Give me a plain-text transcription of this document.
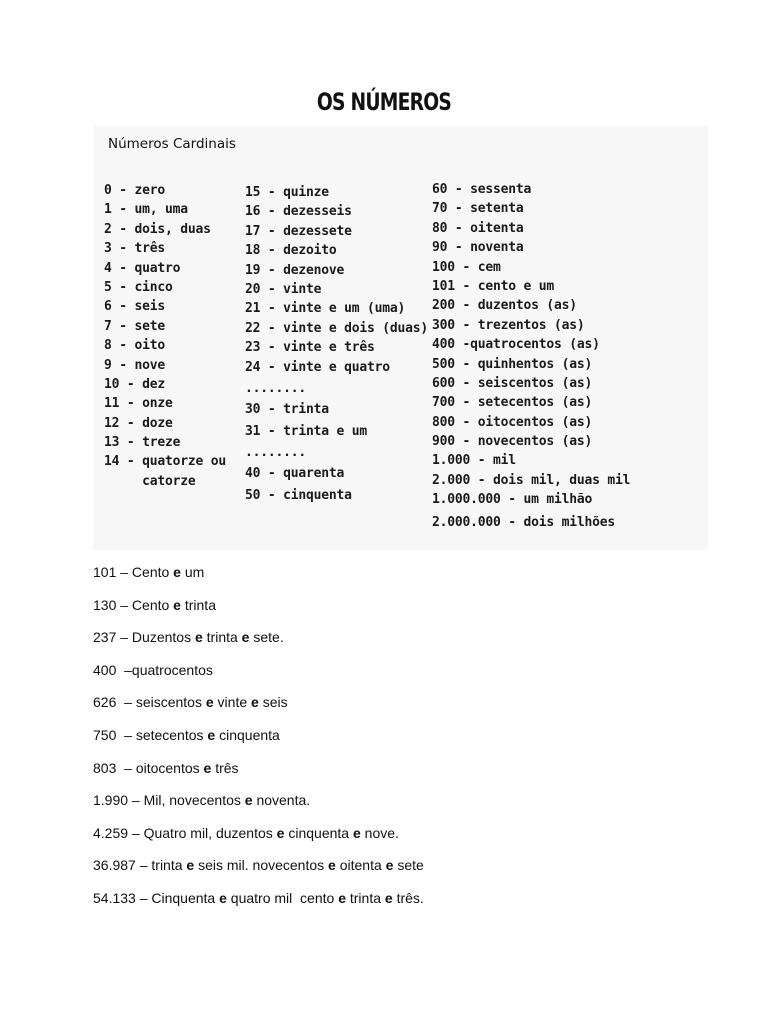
OS NÚMEROS
Números Cardinais
0 - zero
1 - um, uma
2 - dois, duas
3 - três
4 - quatro
5 - cinco
6 - seis
7 - sete
8 - oito
9 - nove
10 - dez
11 - onze
12 - doze
13 - treze
14 - quatorze ou
catorze
15 - quinze
16 - dezesseis
17 - dezessete
18 - dezoito
19 - dezenove
20 - vinte
21 - vinte e um (uma)
22 - vinte e dois (duas)
23 - vinte e três
24 - vinte e quatro
........
30 - trinta
31 - trinta e um
........
40 - quarenta
50 - cinquenta
60 - sessenta
70 - setenta
80 - oitenta
90 - noventa
100 - cem
101 - cento e um
200 - duzentos (as)
300 - trezentos (as)
400 -quatrocentos (as)
500 - quinhentos (as)
600 - seiscentos (as)
700 - setecentos (as)
800 - oitocentos (as)
900 - novecentos (as)
1.000 - mil
2.000 - dois mil, duas mil
1.000.000 - um milhão
2.000.000 - dois milhões
101 – Cento e um
130 – Cento e trinta
237 – Duzentos e trinta e sete.
400  –quatrocentos
626  – seiscentos e vinte e seis
750  – setecentos e cinquenta
803  – oitocentos e três
1.990 – Mil, novecentos e noventa.
4.259 – Quatro mil, duzentos e cinquenta e nove.
36.987 – trinta e seis mil. novecentos e oitenta e sete
54.133 – Cinquenta e quatro mil  cento e trinta e três.
